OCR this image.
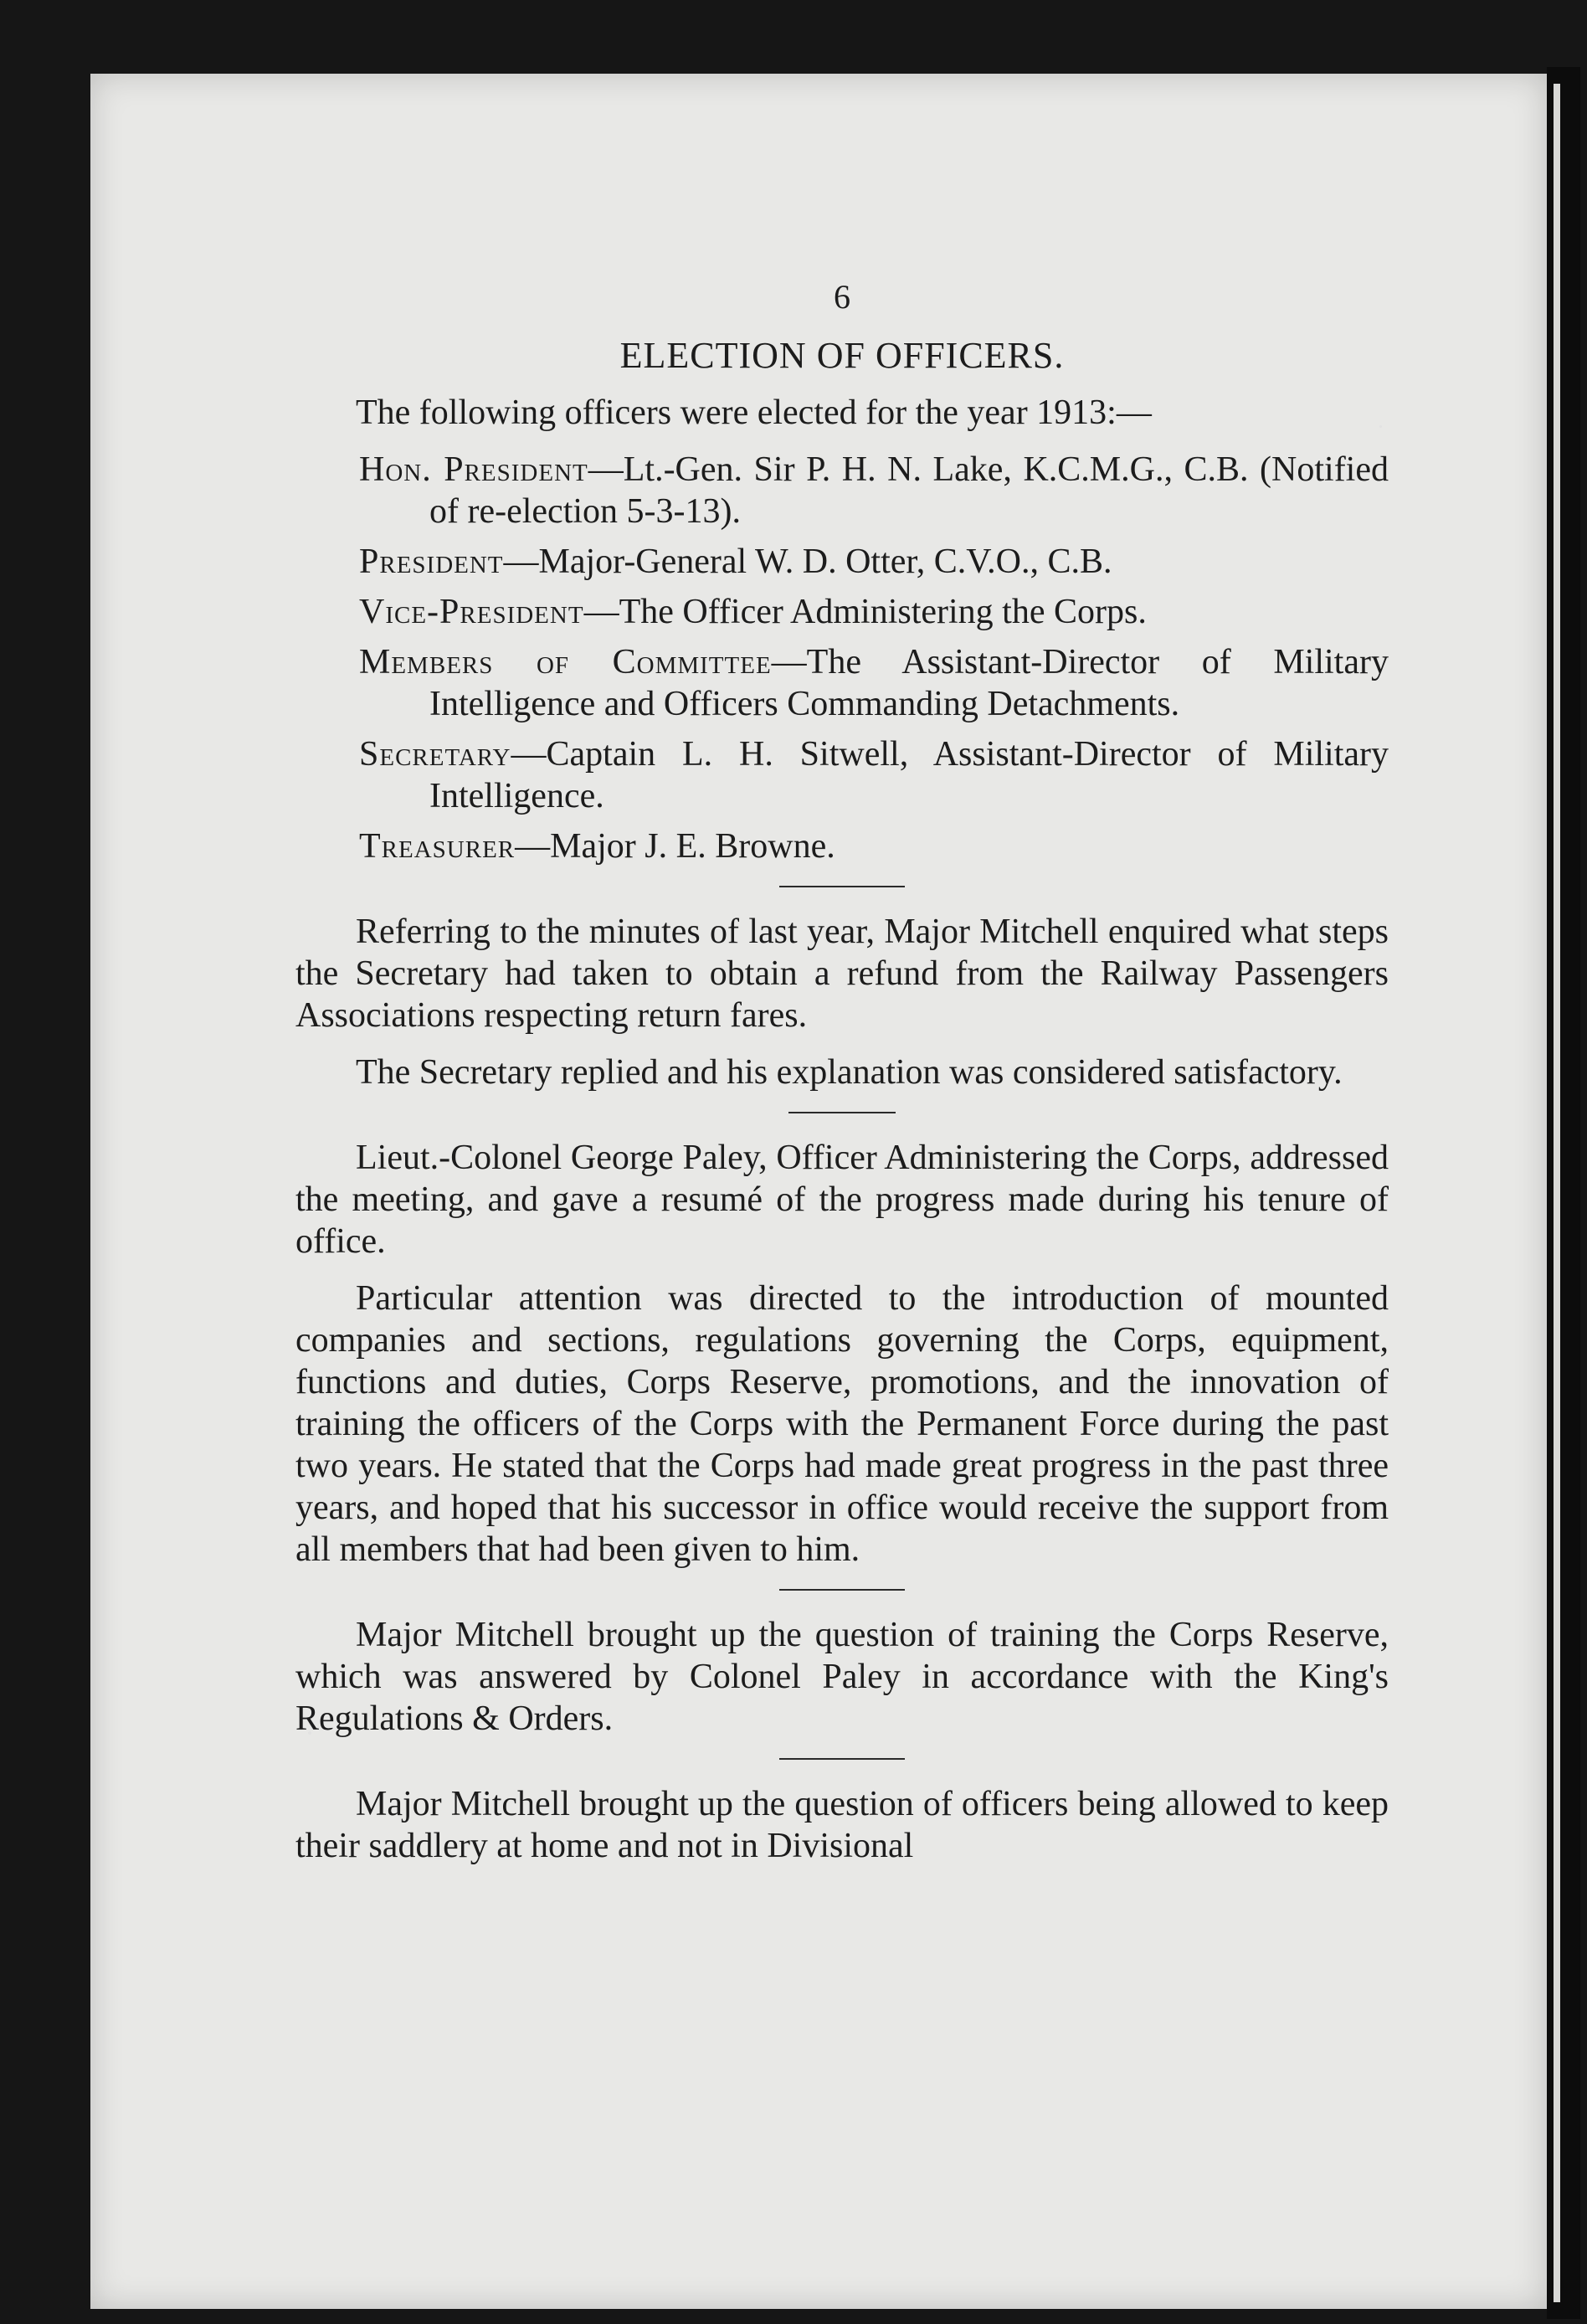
6
ELECTION OF OFFICERS.

The following officers were elected for the year 1913:—

Hon. President—Lt.-Gen. Sir P. H. N. Lake, K.C.M.G., C.B. (Notified of re-election 5-3-13).

President—Major-General W. D. Otter, C.V.O., C.B.

Vice-President—The Officer Administering the Corps.

Members of Committee—The Assistant-Director of Military Intelligence and Officers Commanding Detachments.

Secretary—Captain L. H. Sitwell, Assistant-Director of Military Intelligence.

Treasurer—Major J. E. Browne.

Referring to the minutes of last year, Major Mitchell enquired what steps the Secretary had taken to obtain a refund from the Railway Passengers Associations respecting return fares.

The Secretary replied and his explanation was considered satisfactory.

Lieut.-Colonel George Paley, Officer Administering the Corps, addressed the meeting, and gave a resumé of the progress made during his tenure of office.

Particular attention was directed to the introduction of mounted companies and sections, regulations governing the Corps, equipment, functions and duties, Corps Reserve, promotions, and the innovation of training the officers of the Corps with the Permanent Force during the past two years. He stated that the Corps had made great progress in the past three years, and hoped that his successor in office would receive the support from all members that had been given to him.

Major Mitchell brought up the question of training the Corps Reserve, which was answered by Colonel Paley in accordance with the King's Regulations & Orders.

Major Mitchell brought up the question of officers being allowed to keep their saddlery at home and not in Divisional
